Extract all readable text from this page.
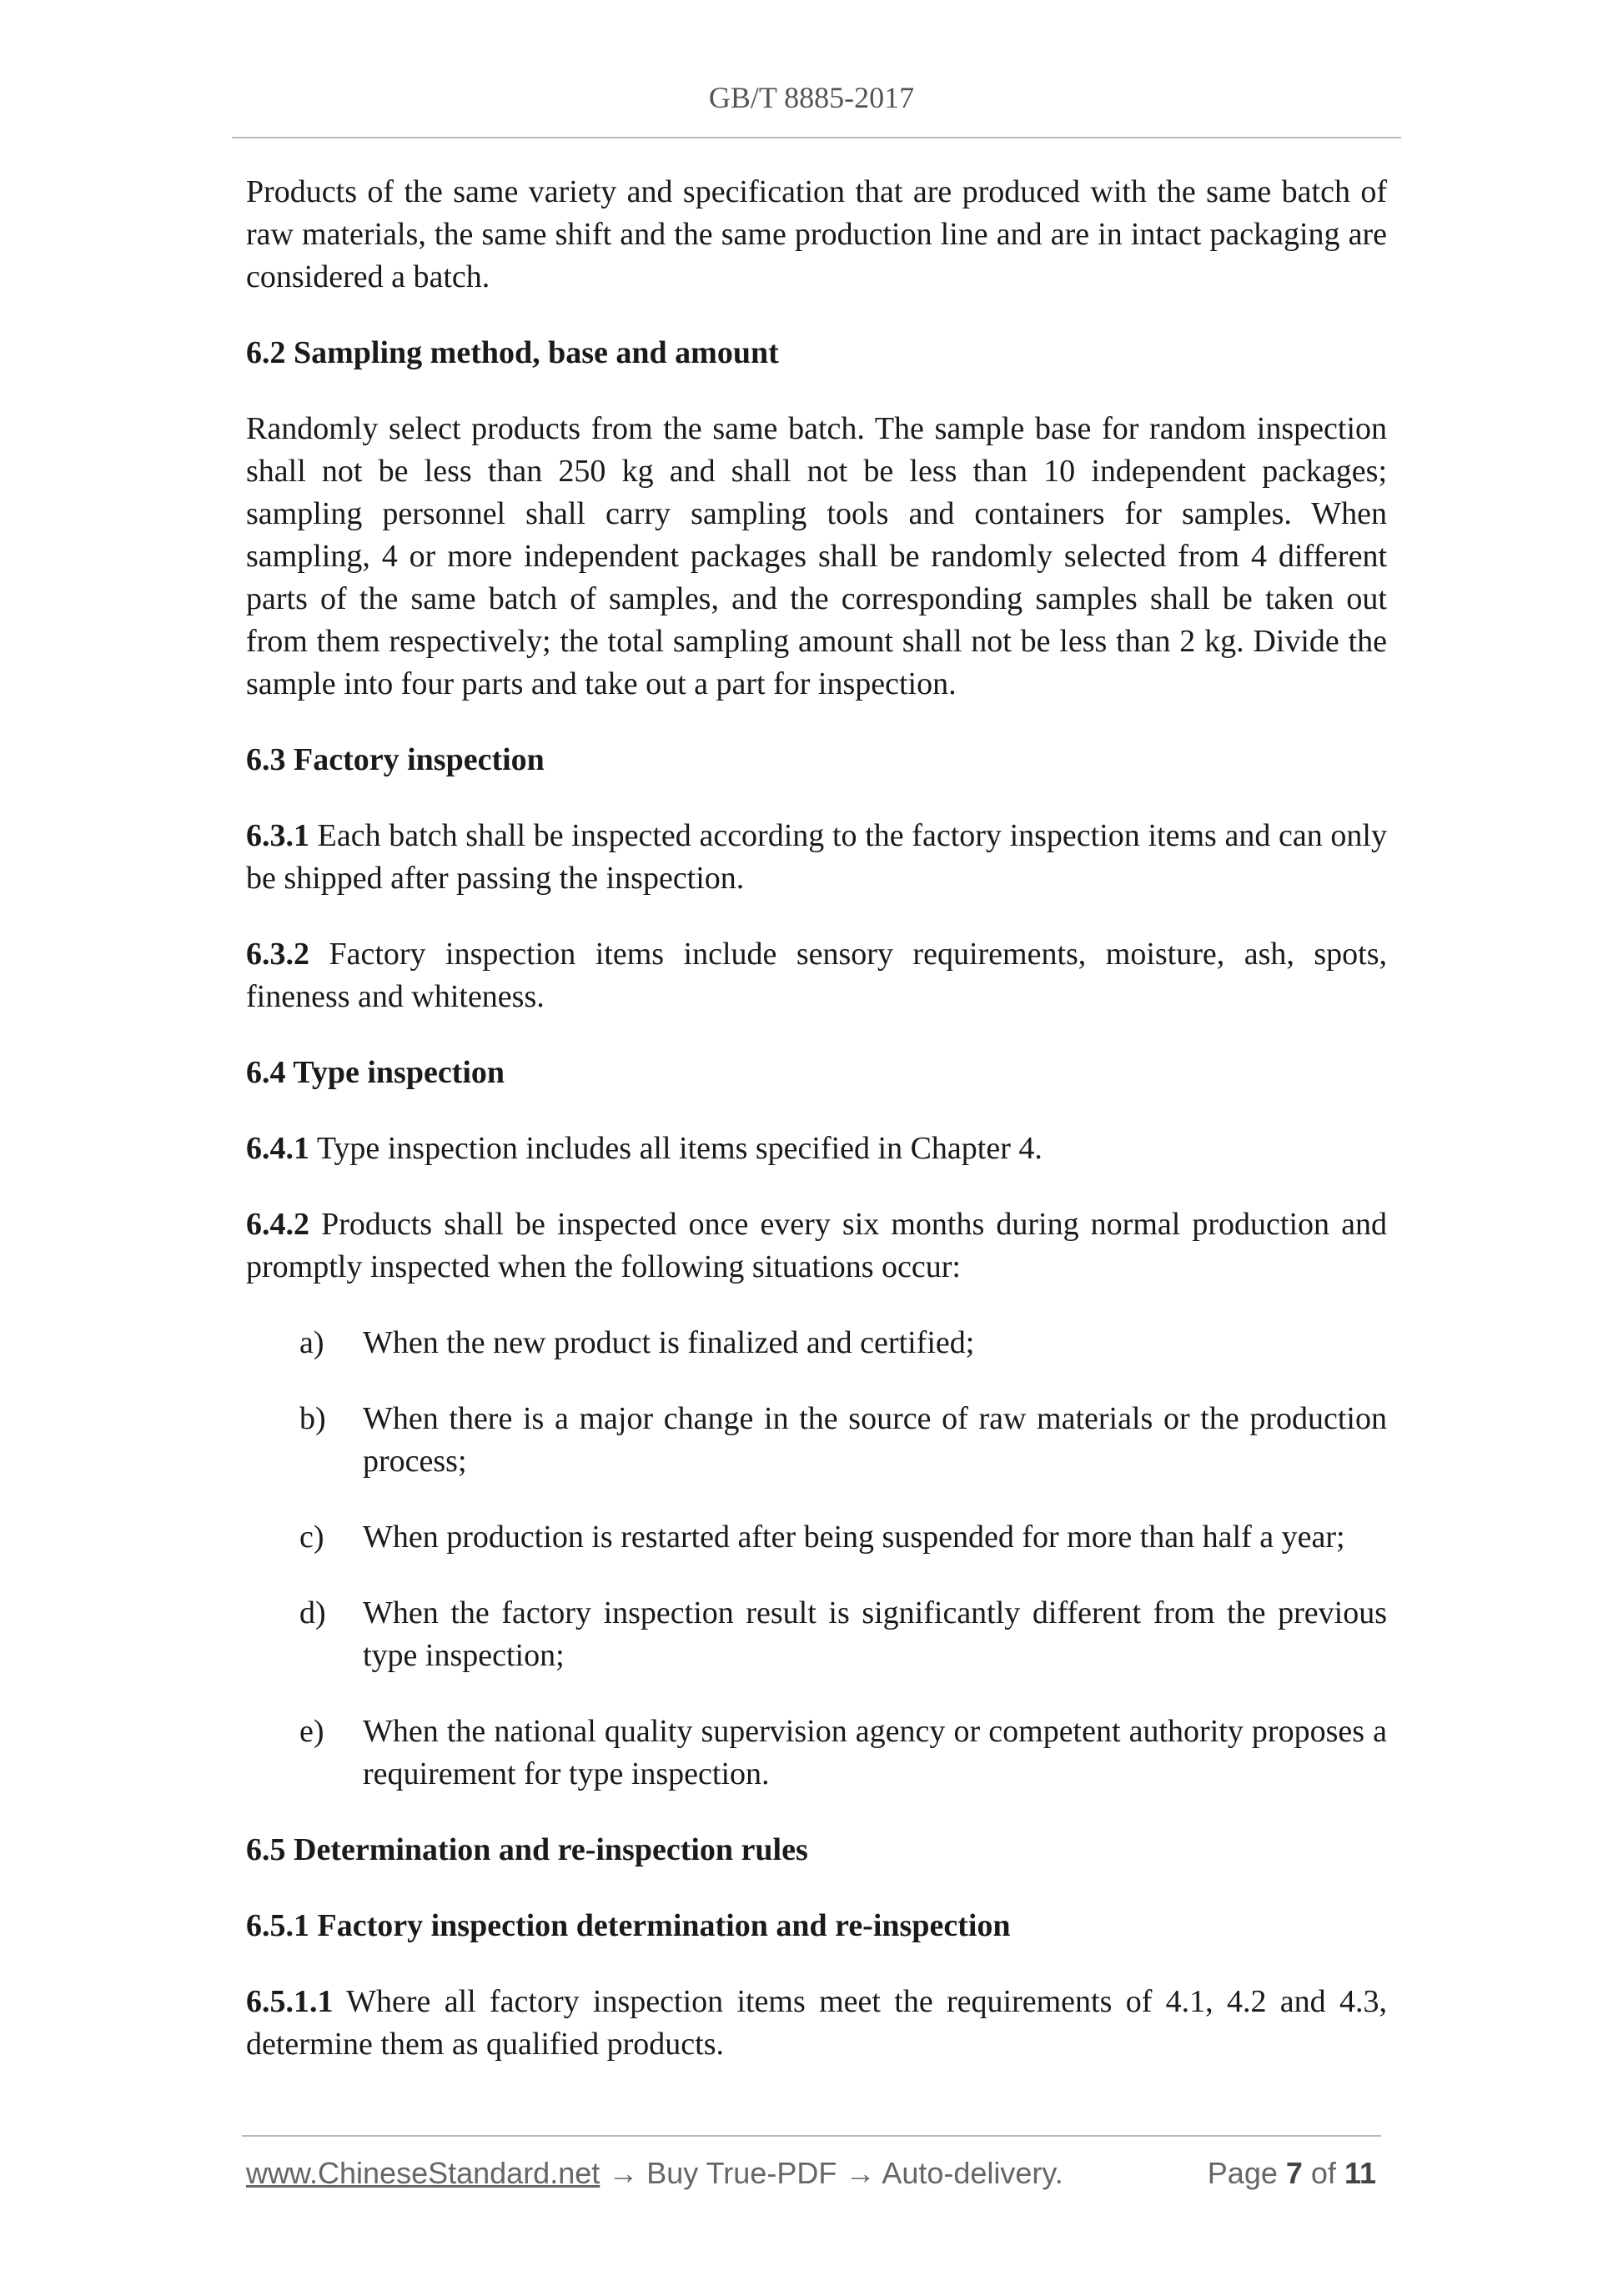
GB/T 8885-2017

Products of the same variety and specification that are produced with the same batch of raw materials, the same shift and the same production line and are in intact packaging are considered a batch.

6.2 Sampling method, base and amount

Randomly select products from the same batch. The sample base for random inspection shall not be less than 250 kg and shall not be less than 10 independent packages; sampling personnel shall carry sampling tools and containers for samples. When sampling, 4 or more independent packages shall be randomly selected from 4 different parts of the same batch of samples, and the corresponding samples shall be taken out from them respectively; the total sampling amount shall not be less than 2 kg. Divide the sample into four parts and take out a part for inspection.

6.3 Factory inspection

6.3.1 Each batch shall be inspected according to the factory inspection items and can only be shipped after passing the inspection.

6.3.2 Factory inspection items include sensory requirements, moisture, ash, spots, fineness and whiteness.

6.4 Type inspection

6.4.1 Type inspection includes all items specified in Chapter 4.

6.4.2 Products shall be inspected once every six months during normal production and promptly inspected when the following situations occur:

a) When the new product is finalized and certified;
b) When there is a major change in the source of raw materials or the production process;
c) When production is restarted after being suspended for more than half a year;
d) When the factory inspection result is significantly different from the previous type inspection;
e) When the national quality supervision agency or competent authority proposes a requirement for type inspection.

6.5 Determination and re-inspection rules

6.5.1 Factory inspection determination and re-inspection

6.5.1.1 Where all factory inspection items meet the requirements of 4.1, 4.2 and 4.3, determine them as qualified products.

www.ChineseStandard.net → Buy True-PDF → Auto-delivery.	Page 7 of 11
